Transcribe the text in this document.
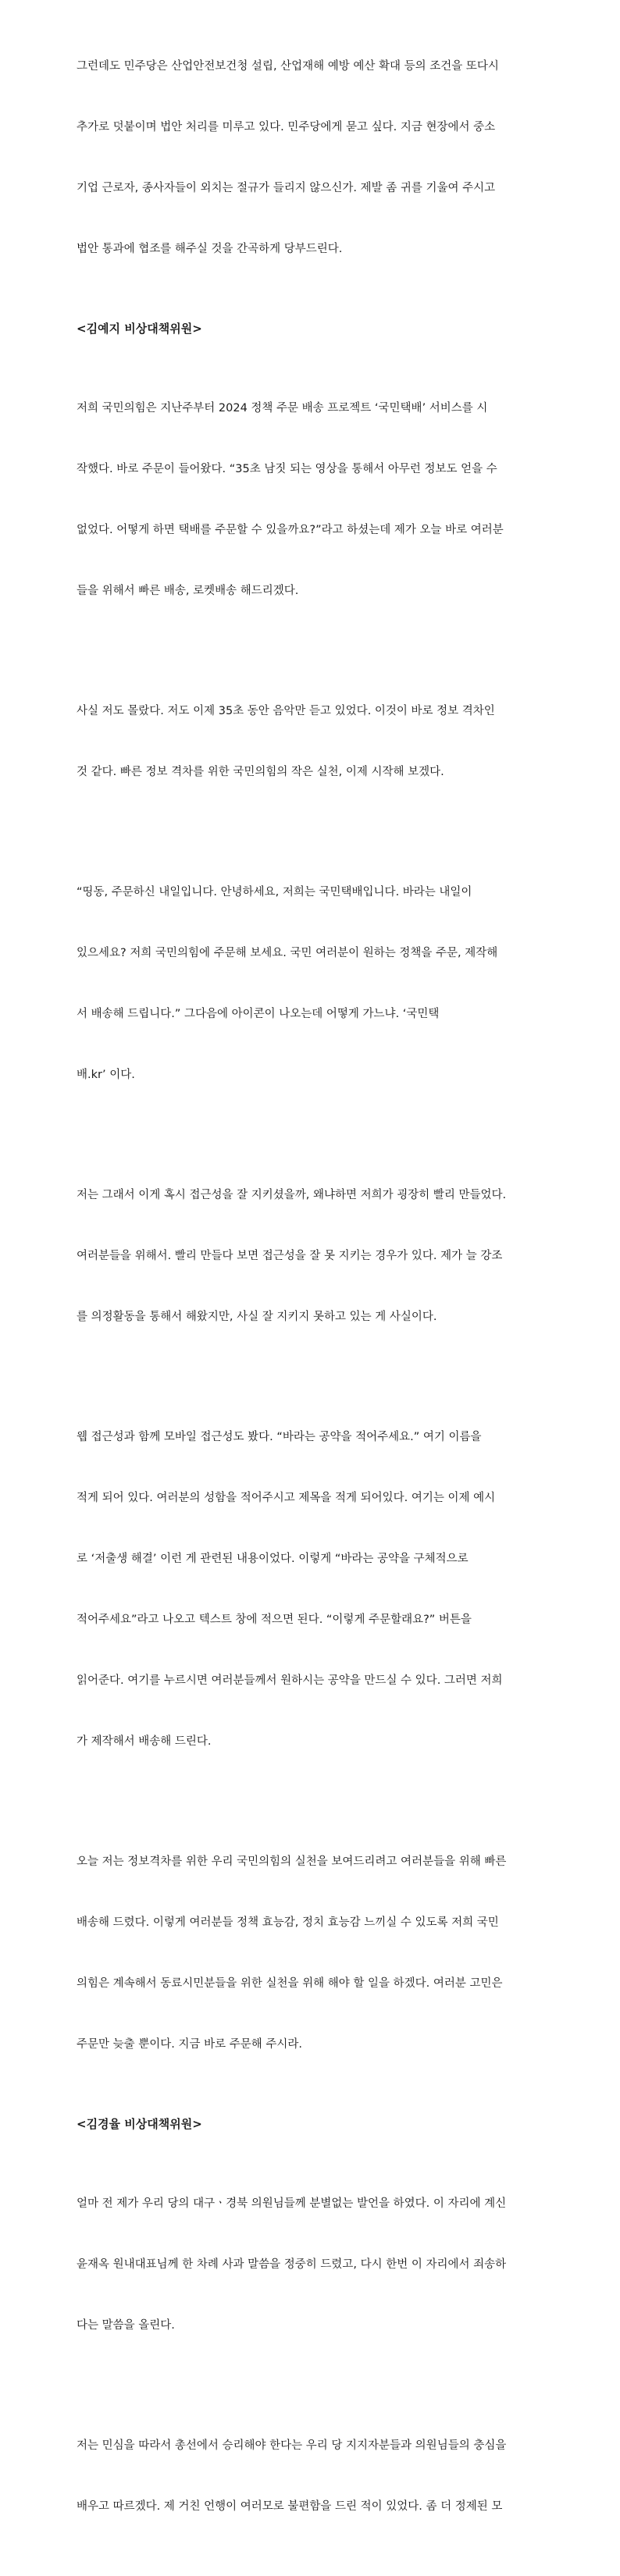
그런데도 민주당은 산업안전보건청 설립, 산업재해 예방 예산 확대 등의 조건을 또다시

추가로 덧붙이며 법안 처리를 미루고 있다. 민주당에게 묻고 싶다. 지금 현장에서 중소

기업 근로자, 종사자들이 외치는 절규가 들리지 않으신가. 제발 좀 귀를 기울여 주시고

법안 통과에 협조를 해주실 것을 간곡하게 당부드린다.

<김예지 비상대책위원>

저희 국민의힘은 지난주부터 2024 정책 주문 배송 프로젝트 ‘국민택배’ 서비스를 시

작했다. 바로 주문이 들어왔다. “35초 남짓 되는 영상을 통해서 아무런 정보도 얻을 수

없었다. 어떻게 하면 택배를 주문할 수 있을까요?”라고 하셨는데 제가 오늘 바로 여러분

들을 위해서 빠른 배송, 로켓배송 해드리겠다.

사실 저도 몰랐다. 저도 이제 35초 동안 음악만 듣고 있었다. 이것이 바로 정보 격차인

것 같다. 빠른 정보 격차를 위한 국민의힘의 작은 실천, 이제 시작해 보겠다.

“띵동, 주문하신 내일입니다. 안녕하세요, 저희는 국민택배입니다. 바라는 내일이

있으세요? 저희 국민의힘에 주문해 보세요. 국민 여러분이 원하는 정책을 주문, 제작해

서 배송해 드립니다.” 그다음에 아이콘이 나오는데 어떻게 가느냐. ‘국민택

배.kr’ 이다.

저는 그래서 이게 혹시 접근성을 잘 지키셨을까, 왜냐하면 저희가 굉장히 빨리 만들었다.

여러분들을 위해서. 빨리 만들다 보면 접근성을 잘 못 지키는 경우가 있다. 제가 늘 강조

를 의정활동을 통해서 해왔지만, 사실 잘 지키지 못하고 있는 게 사실이다.

웹 접근성과 함께 모바일 접근성도 봤다. “바라는 공약을 적어주세요.” 여기 이름을

적게 되어 있다. 여러분의 성함을 적어주시고 제목을 적게 되어있다. 여기는 이제 예시

로 ‘저출생 해결’ 이런 게 관련된 내용이었다. 이렇게 “바라는 공약을 구체적으로

적어주세요”라고 나오고 텍스트 창에 적으면 된다. “이렇게 주문할래요?” 버튼을

읽어준다. 여기를 누르시면 여러분들께서 원하시는 공약을 만드실 수 있다. 그러면 저희

가 제작해서 배송해 드린다.

오늘 저는 정보격차를 위한 우리 국민의힘의 실천을 보여드리려고 여러분들을 위해 빠른

배송해 드렸다. 이렇게 여러분들 정책 효능감, 정치 효능감 느끼실 수 있도록 저희 국민

의힘은 계속해서 동료시민분들을 위한 실천을 위해 해야 할 일을 하겠다. 여러분 고민은

주문만 늦출 뿐이다. 지금 바로 주문해 주시라.

<김경율 비상대책위원>

얼마 전 제가 우리 당의 대구ㆍ경북 의원님들께 분별없는 발언을 하였다. 이 자리에 계신

윤재옥 원내대표님께 한 차례 사과 말씀을 정중히 드렸고, 다시 한번 이 자리에서 죄송하

다는 말씀을 올린다.

저는 민심을 따라서 총선에서 승리해야 한다는 우리 당 지지자분들과 의원님들의 충심을

배우고 따르겠다. 제 거친 언행이 여러모로 불편함을 드린 적이 있었다. 좀 더 정제된 모
